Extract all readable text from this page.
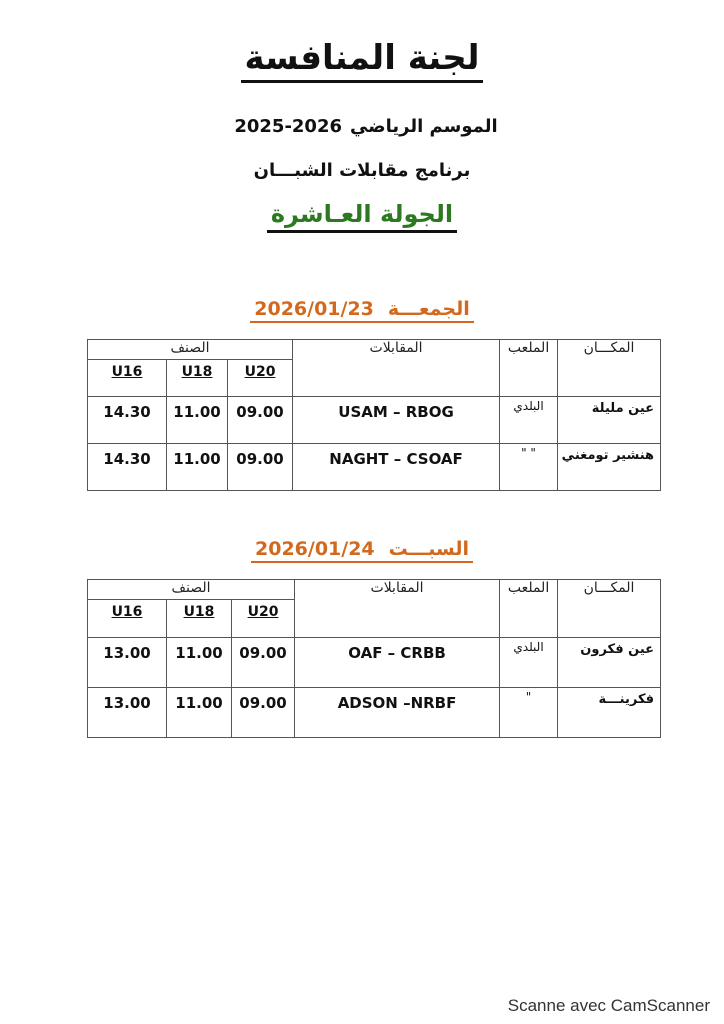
لجنة المنافسة
2025-2026 الموسم الرياضي
برنامج مقابلات الشبـــان
الجولة العـاشرة
2026/01/23 الجمعـــة
الصنف			المقابلات	الملعب	المكـــان
U16	U18	U20			
14.30	11.00	09.00	USAM – RBOG	البلدي	عين مليلة
14.30	11.00	09.00	NAGHT – CSOAF	" "	هنشير تومغني
2026/01/24 السبـــت
الصنف			المقابلات	الملعب	المكـــان
U16	U18	U20			
13.00	11.00	09.00	OAF – CRBB	البلدي	عين فكرون
13.00	11.00	09.00	ADSON –NRBF	"	فكرينـــة
Scanne avec CamScanner
